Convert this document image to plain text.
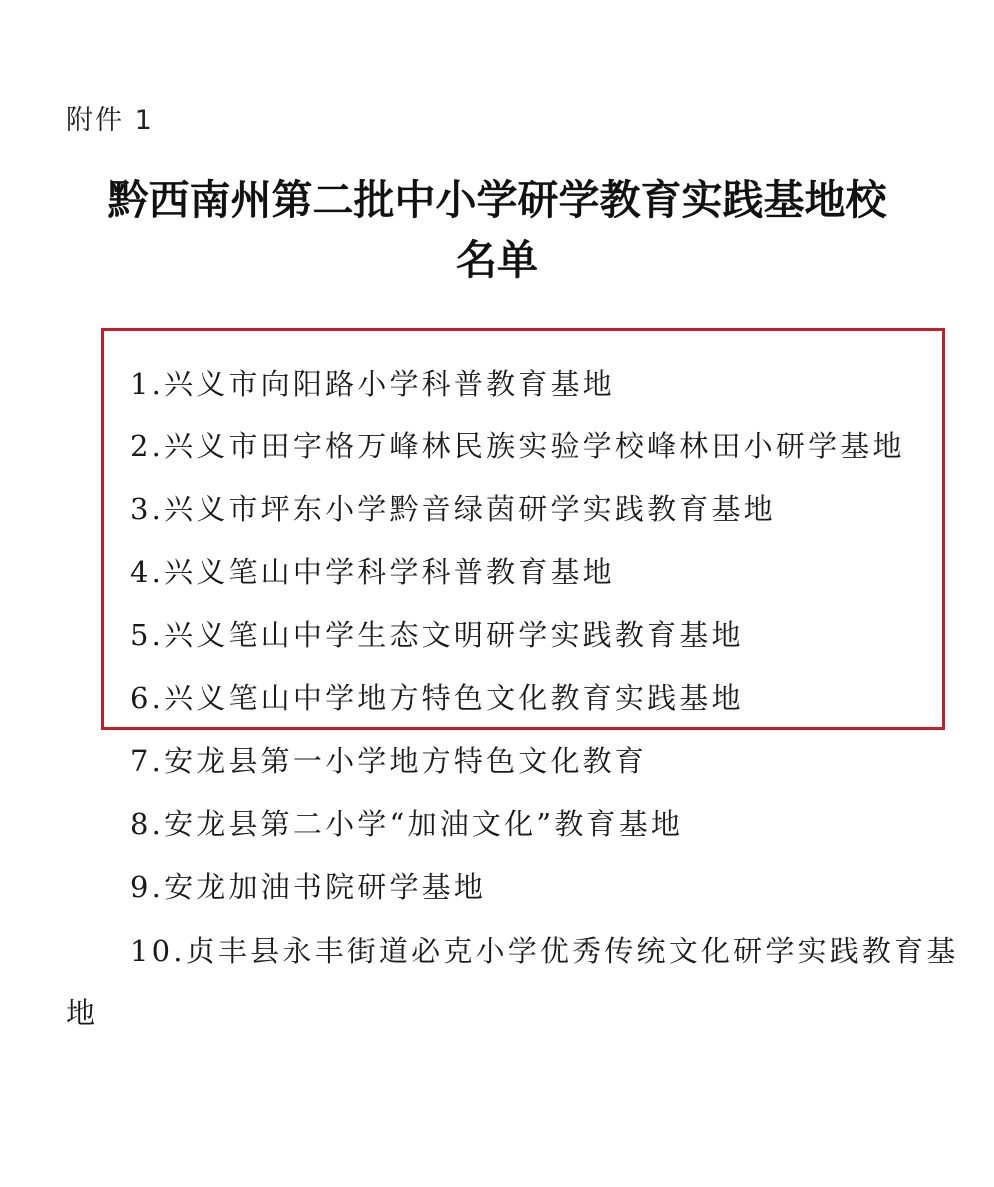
附件 1
黔西南州第二批中小学研学教育实践基地校
名单
1.兴义市向阳路小学科普教育基地
2.兴义市田字格万峰林民族实验学校峰林田小研学基地
3.兴义市坪东小学黔音绿茵研学实践教育基地
4.兴义笔山中学科学科普教育基地
5.兴义笔山中学生态文明研学实践教育基地
6.兴义笔山中学地方特色文化教育实践基地
7.安龙县第一小学地方特色文化教育
8.安龙县第二小学“加油文化”教育基地
9.安龙加油书院研学基地
10.贞丰县永丰街道必克小学优秀传统文化研学实践教育基地
